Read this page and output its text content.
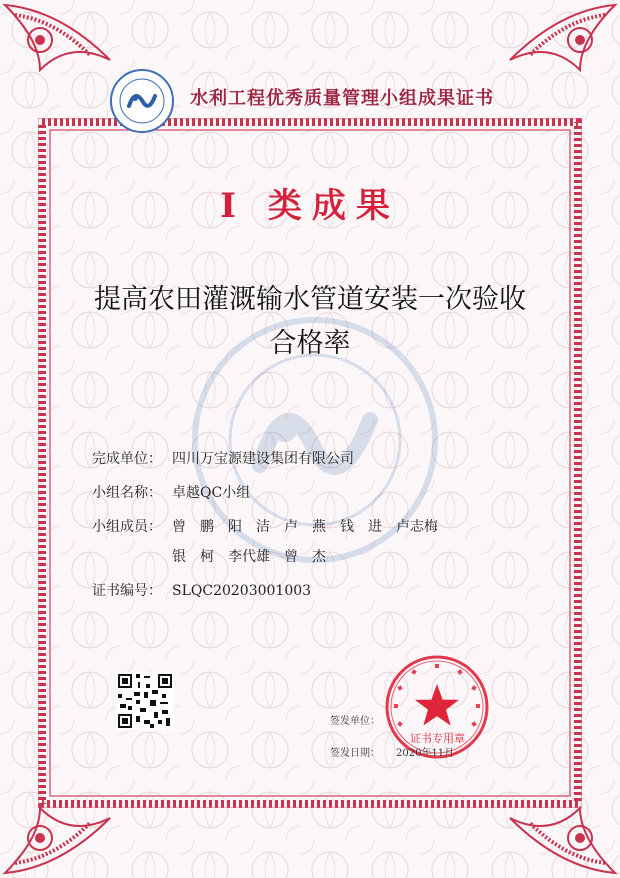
水利工程优秀质量管理小组成果证书
I 类成果
提高农田灌溉输水管道安装一次验收
合格率
完成单位： 四川万宝源建设集团有限公司
小组名称： 卓越QC小组
小组成员： 曾　鹏　阳　洁　卢　燕　钱　进　卢志梅
银　柯　李代雄　曾　杰
证书编号： SLQC20203001003
签发单位：
签发日期：
证书专用章
2020年11月
